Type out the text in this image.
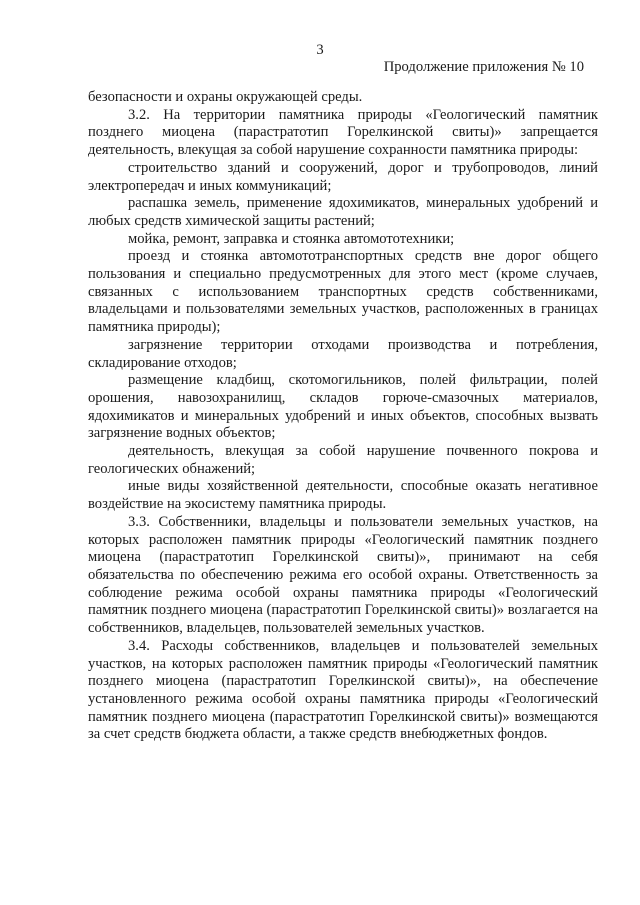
3
Продолжение приложения № 10

безопасности и охраны окружающей среды.

3.2. На территории памятника природы «Геологический памятник позднего миоцена (парастратотип Горелкинской свиты)» запрещается деятельность, влекущая за собой нарушение сохранности памятника природы:

строительство зданий и сооружений, дорог и трубопроводов, линий электропередач и иных коммуникаций;

распашка земель, применение ядохимикатов, минеральных удобрений и любых средств химической защиты растений;

мойка, ремонт, заправка и стоянка автомототехники;

проезд и стоянка автомототранспортных средств вне дорог общего пользования и специально предусмотренных для этого мест (кроме случаев, связанных с использованием транспортных средств собственниками, владельцами и пользователями земельных участков, расположенных в границах памятника природы);

загрязнение территории отходами производства и потребления, складирование отходов;

размещение кладбищ, скотомогильников, полей фильтрации, полей орошения, навозохранилищ, складов горюче-смазочных материалов, ядохимикатов и минеральных удобрений и иных объектов, способных вызвать загрязнение водных объектов;

деятельность, влекущая за собой нарушение почвенного покрова и геологических обнажений;

иные виды хозяйственной деятельности, способные оказать негативное воздействие на экосистему памятника природы.

3.3. Собственники, владельцы и пользователи земельных участков, на которых расположен памятник природы «Геологический памятник позднего миоцена (парастратотип Горелкинской свиты)», принимают на себя обязательства по обеспечению режима его особой охраны. Ответственность за соблюдение режима особой охраны памятника природы «Геологический памятник позднего миоцена (парастратотип Горелкинской свиты)» возлагается на собственников, владельцев, пользователей земельных участков.

3.4. Расходы собственников, владельцев и пользователей земельных участков, на которых расположен памятник природы «Геологический памятник позднего миоцена (парастратотип Горелкинской свиты)», на обеспечение установленного режима особой охраны памятника природы «Геологический памятник позднего миоцена (парастратотип Горелкинской свиты)» возмещаются за счет средств бюджета области, а также средств внебюджетных фондов.
